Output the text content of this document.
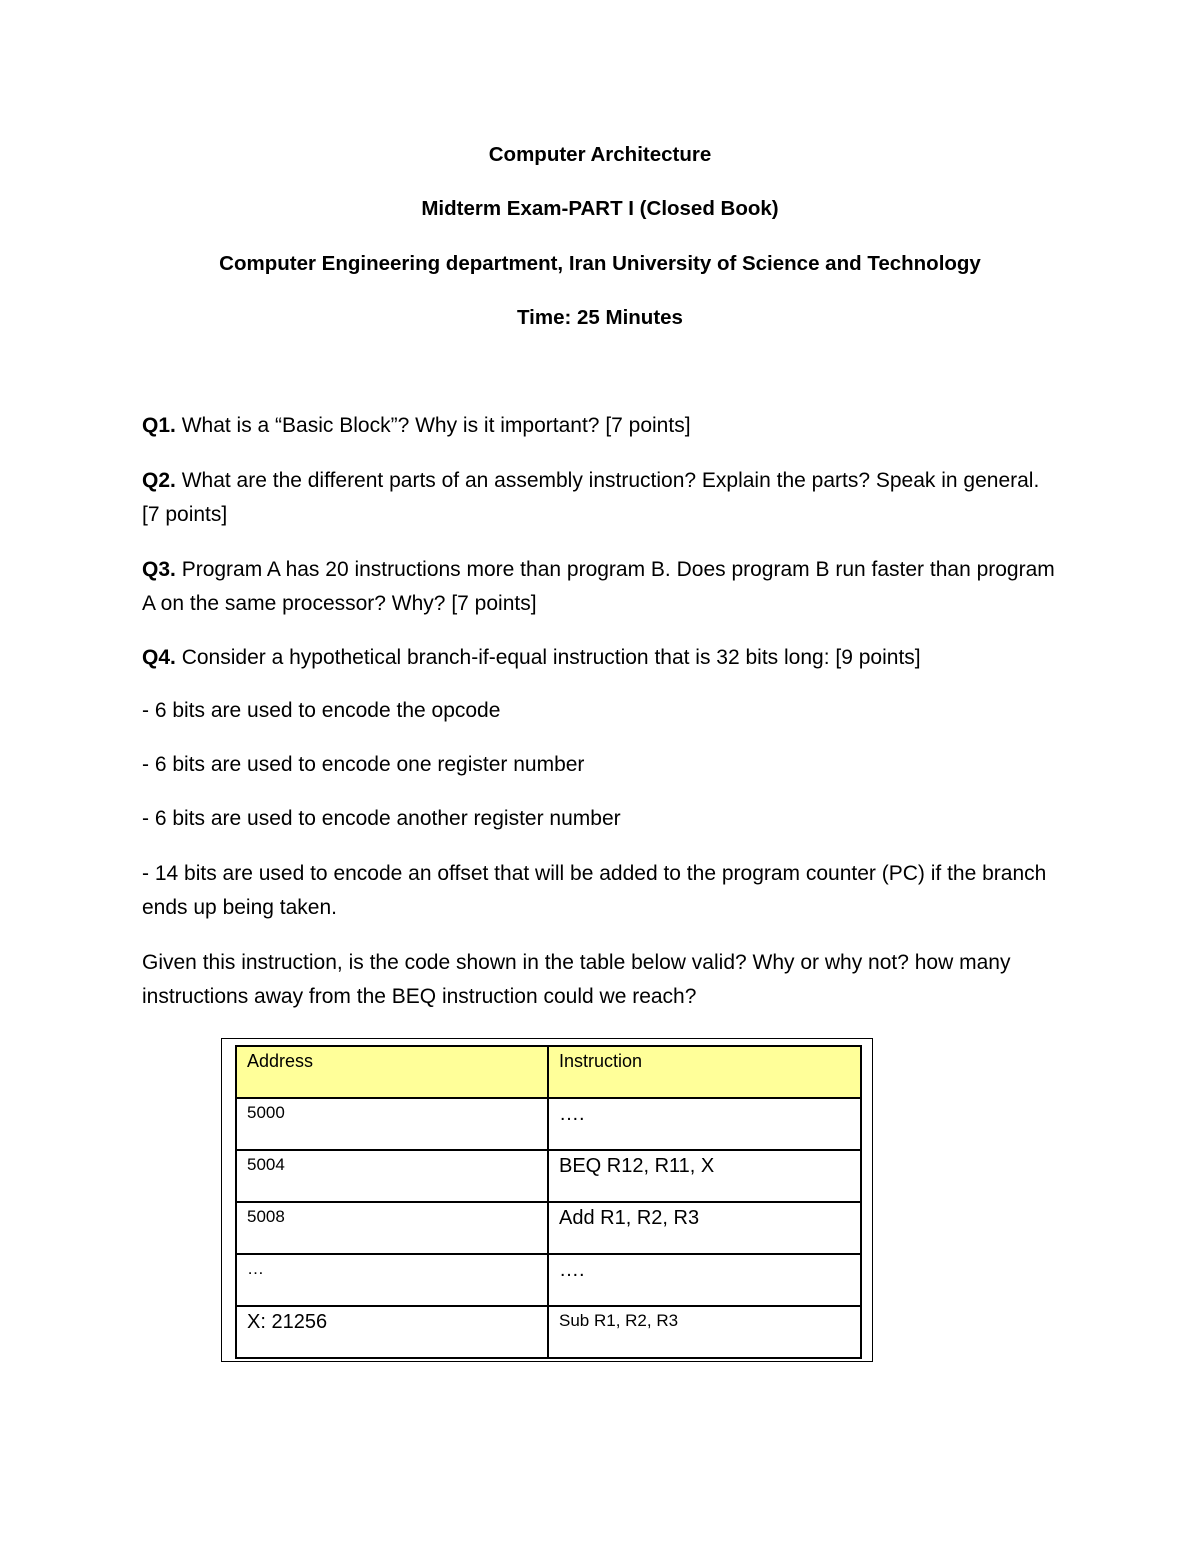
Computer Architecture
Midterm Exam-PART I (Closed Book)
Computer Engineering department, Iran University of Science and Technology
Time: 25 Minutes
Q1. What is a “Basic Block”? Why is it important? [7 points]
Q2. What are the different parts of an assembly instruction? Explain the parts? Speak in general. [7 points]
Q3. Program A has 20 instructions more than program B. Does program B run faster than program A on the same processor? Why? [7 points]
Q4. Consider a hypothetical branch-if-equal instruction that is 32 bits long: [9 points]
- 6 bits are used to encode the opcode
- 6 bits are used to encode one register number
- 6 bits are used to encode another register number
- 14 bits are used to encode an offset that will be added to the program counter (PC) if the branch ends up being taken.
Given this instruction, is the code shown in the table below valid? Why or why not? how many instructions away from the BEQ instruction could we reach?
Address	Instruction
5000	….
5004	BEQ R12, R11, X
5008	Add R1, R2, R3
…	….
X: 21256	Sub R1, R2, R3
